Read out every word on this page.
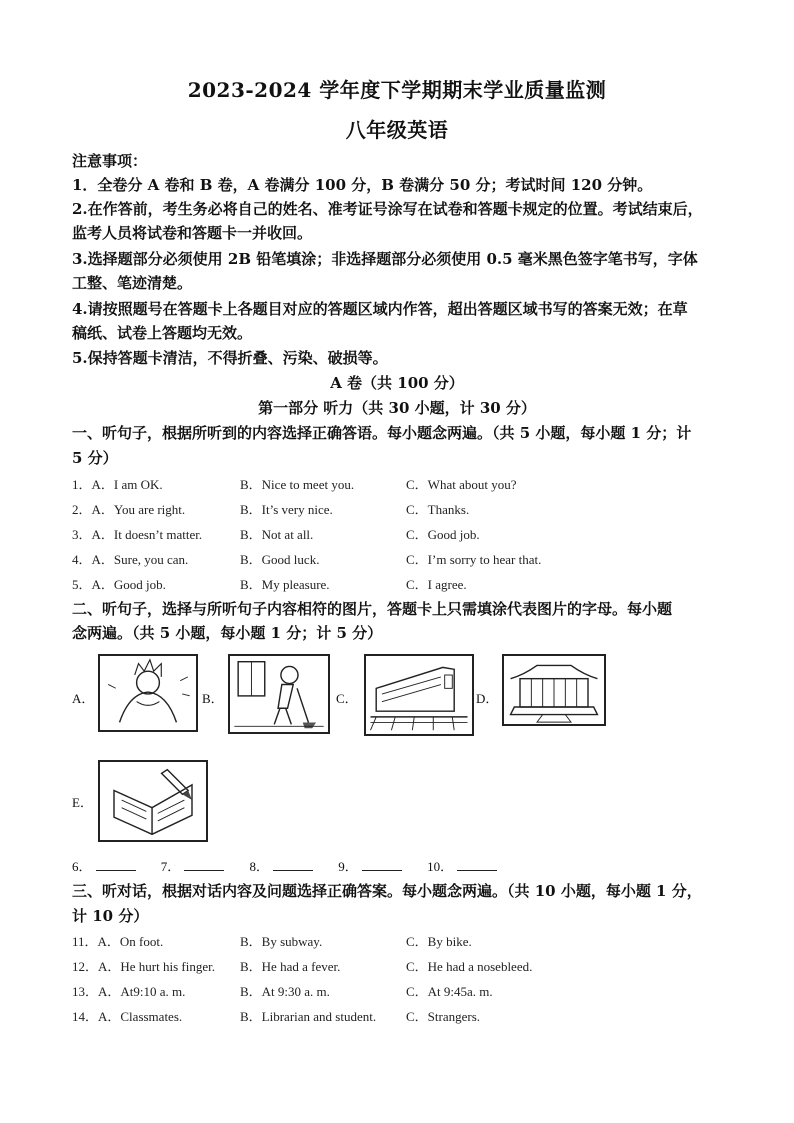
2023-2024 学年度下学期期末学业质量监测
八年级英语
注意事项：
1．全卷分 A 卷和 B 卷，A 卷满分 100 分，B 卷满分 50 分；考试时间 120 分钟。
2.在作答前，考生务必将自己的姓名、准考证号涂写在试卷和答题卡规定的位置。考试结束后，
监考人员将试卷和答题卡一并收回。
3.选择题部分必须使用 2B 铅笔填涂；非选择题部分必须使用 0.5 毫米黑色签字笔书写，字体
工整、笔迹清楚。
4.请按照题号在答题卡上各题目对应的答题区域内作答，超出答题区域书写的答案无效；在草
稿纸、试卷上答题均无效。
5.保持答题卡清洁，不得折叠、污染、破损等。
A 卷（共 100 分）
第一部分 听力（共 30 小题，计 30 分）
一、听句子，根据所听到的内容选择正确答语。每小题念两遍。（共 5 小题，每小题 1 分；计
5 分）
1．A．I am OK.	B．Nice to meet you.	C．What about you?
2．A．You are right.	B．It’s very nice.	C．Thanks.
3．A．It doesn’t matter.	B．Not at all.	C．Good job.
4．A．Sure, you can.	B．Good luck.	C．I’m sorry to hear that.
5．A．Good job.	B．My pleasure.	C．I agree.
二、听句子，选择与所听句子内容相符的图片，答题卡上只需填涂代表图片的字母。每小题
念两遍。（共 5 小题，每小题 1 分；计 5 分）
A．	B．	C．	D．
E．
6．	7．	8．	9．	10．
三、听对话，根据对话内容及问题选择正确答案。每小题念两遍。（共 10 小题，每小题 1 分，
计 10 分）
11．A．On foot.	B．By subway.	C．By bike.
12．A．He hurt his finger. B．He had a fever.	C．He had a nosebleed.
13．A．At9:10 a. m.	B．At 9:30 a. m.	C．At 9:45a. m.
14．A．Classmates.	B．Librarian and student. C．Strangers.
